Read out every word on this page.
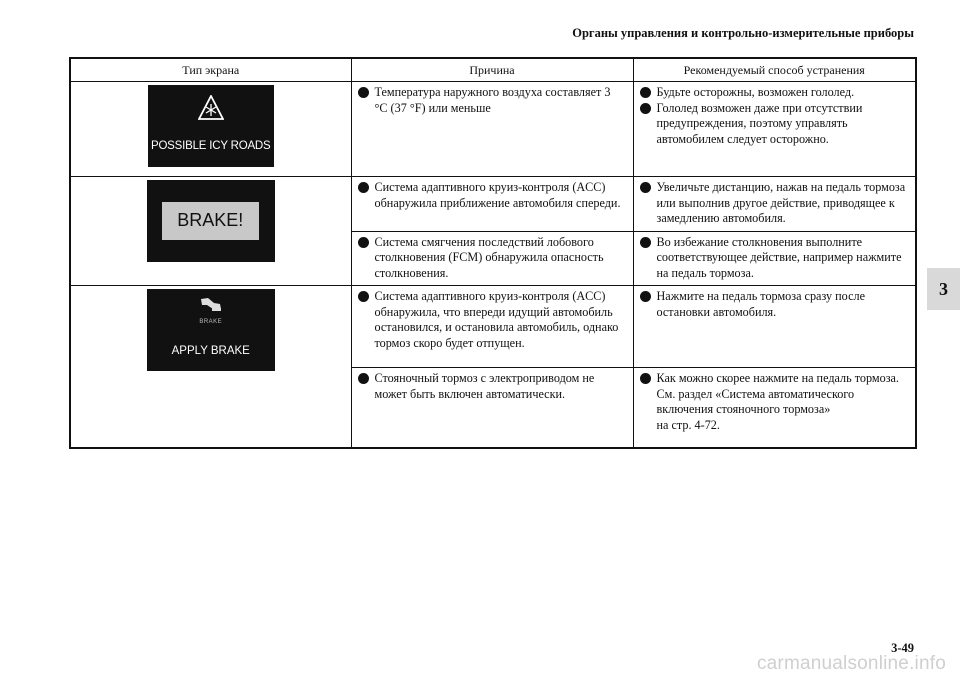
Органы управления и контрольно-измерительные приборы
Тип экрана	Причина	Рекомендуемый способ устранения

POSSIBLE ICY ROADS	Температура наружного воздуха составляет 3 °C (37 °F) или меньше	Будьте осторожны, возможен гололед.
Гололед возможен даже при отсутствии предупреждения, поэтому управлять автомобилем следует осторожно.

BRAKE!	Система адаптивного круиз-контроля (ACC) обнаружила приближение автомобиля спереди.	Увеличьте дистанцию, нажав на педаль тормоза или выполнив другое действие, приводящее к замедлению автомобиля.

	Система смягчения последствий лобового столкновения (FCM) обнаружила опасность столкновения.	Во избежание столкновения выполните соответствующее действие, например нажмите на педаль тормоза.

BRAKE
APPLY BRAKE	Система адаптивного круиз-контроля (ACC) обнаружила, что впереди идущий автомобиль остановился, и остановила автомобиль, однако тормоз скоро будет отпущен.	Нажмите на педаль тормоза сразу после остановки автомобиля.

	Стояночный тормоз с электроприводом не может быть включен автоматически.	Как можно скорее нажмите на педаль тормоза.
См. раздел «Система автоматического включения стояночного тормоза»
на стр. 4-72.
3
3-49
carmanualsonline.info
